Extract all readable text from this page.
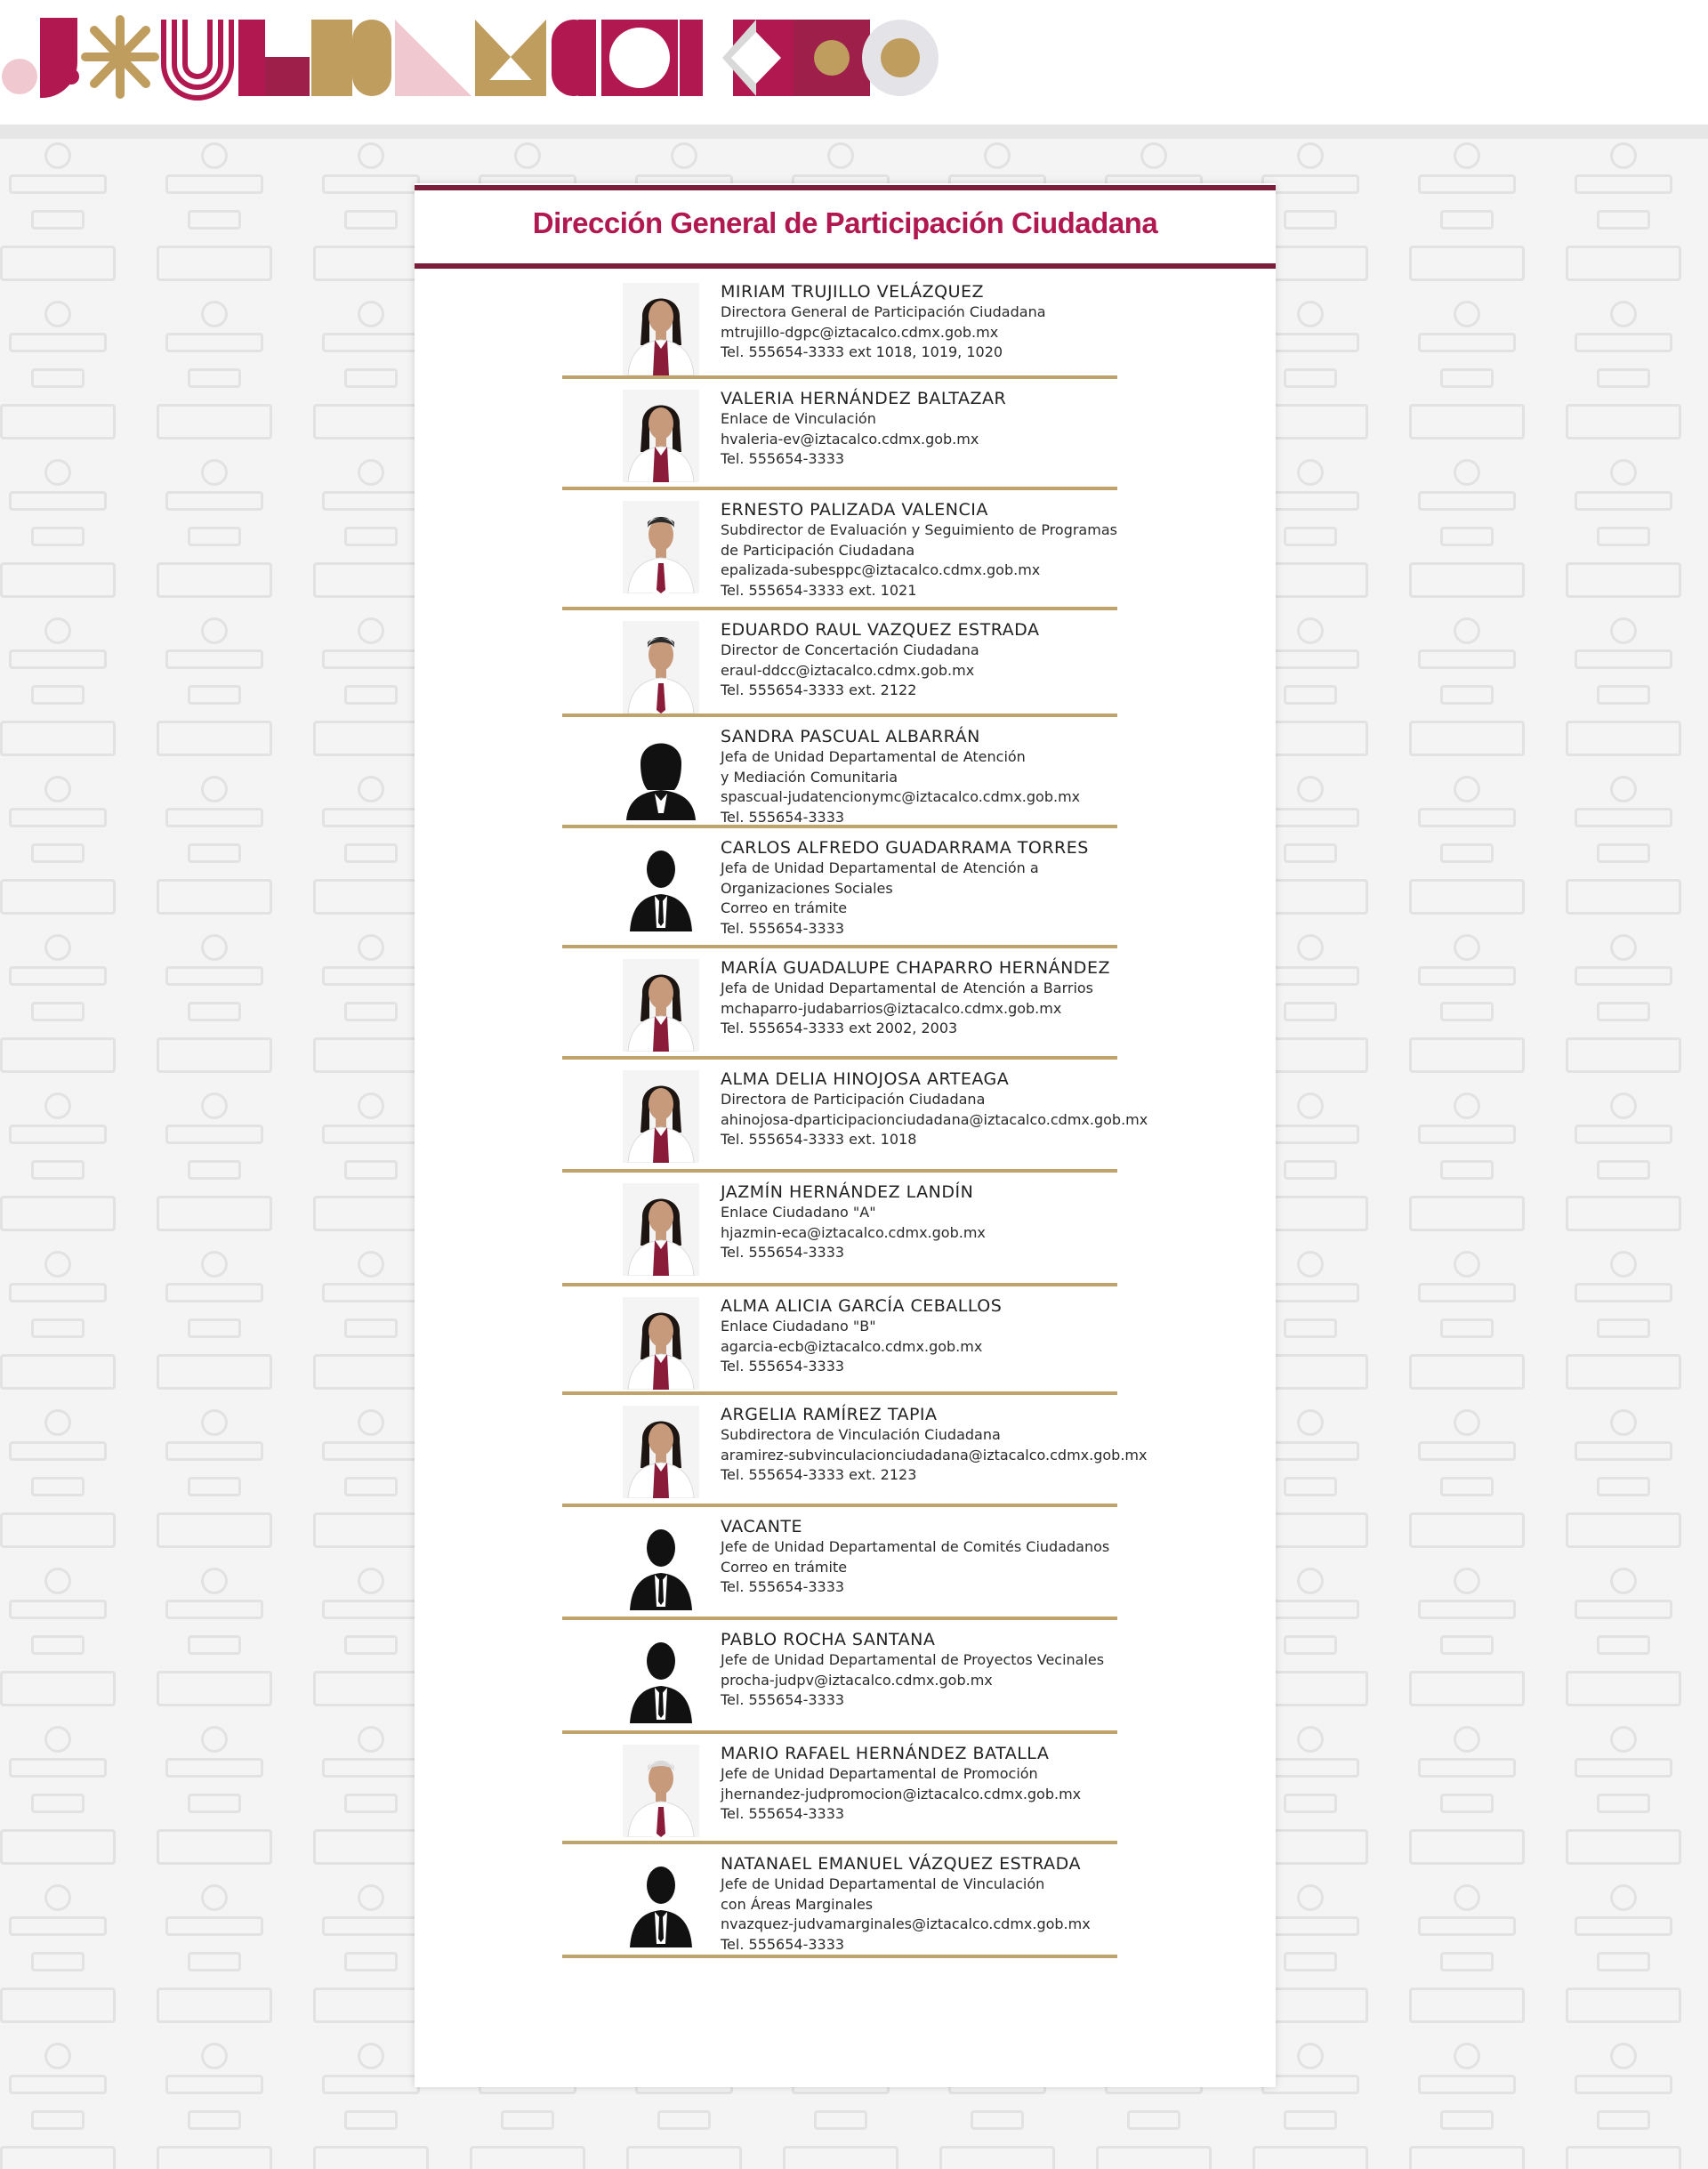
Dirección General de Participación Ciudadana
MIRIAM TRUJILLO VELÁZQUEZ
Directora General de Participación Ciudadana
mtrujillo-dgpc@iztacalco.cdmx.gob.mx
Tel. 555654-3333 ext 1018, 1019, 1020
VALERIA HERNÁNDEZ BALTAZAR
Enlace de Vinculación
hvaleria-ev@iztacalco.cdmx.gob.mx
Tel. 555654-3333
ERNESTO PALIZADA VALENCIA
Subdirector de Evaluación y Seguimiento de Programas
de Participación Ciudadana
epalizada-subesppc@iztacalco.cdmx.gob.mx
Tel. 555654-3333 ext. 1021
EDUARDO RAUL VAZQUEZ ESTRADA
Director de Concertación Ciudadana
eraul-ddcc@iztacalco.cdmx.gob.mx
Tel. 555654-3333 ext. 2122
SANDRA PASCUAL ALBARRÁN
Jefa de Unidad Departamental de Atención
y Mediación Comunitaria
spascual-judatencionymc@iztacalco.cdmx.gob.mx
Tel. 555654-3333
CARLOS ALFREDO GUADARRAMA TORRES
Jefa de Unidad Departamental de Atención a
Organizaciones Sociales
Correo en trámite
Tel. 555654-3333
MARÍA GUADALUPE CHAPARRO HERNÁNDEZ
Jefa de Unidad Departamental de Atención a Barrios
mchaparro-judabarrios@iztacalco.cdmx.gob.mx
Tel. 555654-3333 ext 2002, 2003
ALMA DELIA HINOJOSA ARTEAGA
Directora de Participación Ciudadana
ahinojosa-dparticipacionciudadana@iztacalco.cdmx.gob.mx
Tel. 555654-3333 ext. 1018
JAZMÍN HERNÁNDEZ LANDÍN
Enlace Ciudadano "A"
hjazmin-eca@iztacalco.cdmx.gob.mx
Tel. 555654-3333
ALMA ALICIA GARCÍA CEBALLOS
Enlace Ciudadano "B"
agarcia-ecb@iztacalco.cdmx.gob.mx
Tel. 555654-3333
ARGELIA RAMÍREZ TAPIA
Subdirectora de Vinculación Ciudadana
aramirez-subvinculacionciudadana@iztacalco.cdmx.gob.mx
Tel. 555654-3333 ext. 2123
VACANTE
Jefe de Unidad Departamental de Comités Ciudadanos
Correo en trámite
Tel. 555654-3333
PABLO ROCHA SANTANA
Jefe de Unidad Departamental de Proyectos Vecinales
procha-judpv@iztacalco.cdmx.gob.mx
Tel. 555654-3333
MARIO RAFAEL HERNÁNDEZ BATALLA
Jefe de Unidad Departamental de Promoción
jhernandez-judpromocion@iztacalco.cdmx.gob.mx
Tel. 555654-3333
NATANAEL EMANUEL VÁZQUEZ ESTRADA
Jefe de Unidad Departamental de Vinculación
con Áreas Marginales
nvazquez-judvamarginales@iztacalco.cdmx.gob.mx
Tel. 555654-3333
